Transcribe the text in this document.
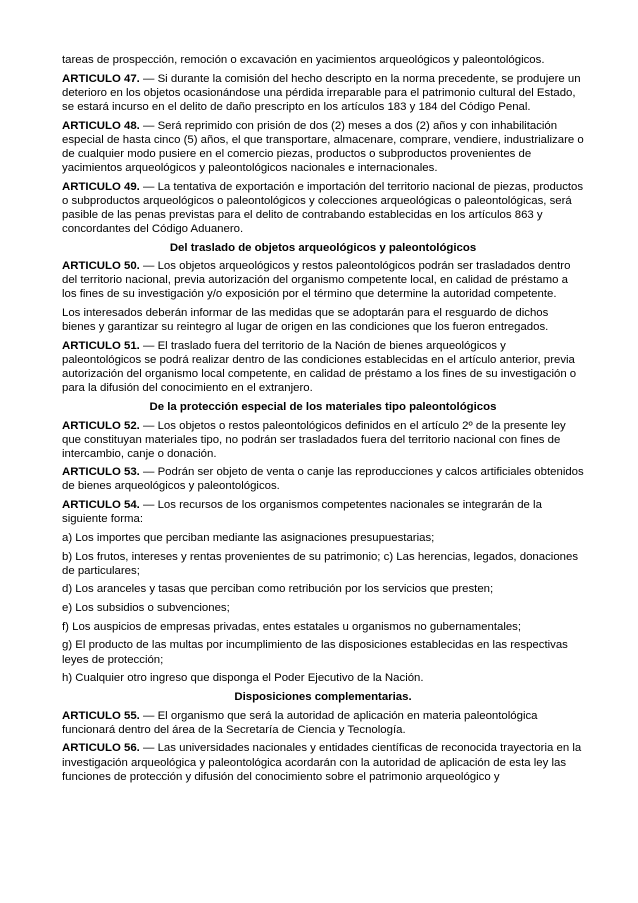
tareas de prospección, remoción o excavación en yacimientos arqueológicos y paleontológicos.

ARTICULO 47. — Si durante la comisión del hecho descripto en la norma precedente, se produjere un deterioro en los objetos ocasionándose una pérdida irreparable para el patrimonio cultural del Estado, se estará incurso en el delito de daño prescripto en los artículos 183 y 184 del Código Penal.

ARTICULO 48. — Será reprimido con prisión de dos (2) meses a dos (2) años y con inhabilitación especial de hasta cinco (5) años, el que transportare, almacenare, comprare, vendiere, industrializare o de cualquier modo pusiere en el comercio piezas, productos o subproductos provenientes de yacimientos arqueológicos y paleontológicos nacionales e internacionales.

ARTICULO 49. — La tentativa de exportación e importación del territorio nacional de piezas, productos o subproductos arqueológicos o paleontológicos y colecciones arqueológicas o paleontológicas, será pasible de las penas previstas para el delito de contrabando establecidas en los artículos 863 y concordantes del Código Aduanero.

Del traslado de objetos arqueológicos y paleontológicos

ARTICULO 50. — Los objetos arqueológicos y restos paleontológicos podrán ser trasladados dentro del territorio nacional, previa autorización del organismo competente local, en calidad de préstamo a los fines de su investigación y/o exposición por el término que determine la autoridad competente.

Los interesados deberán informar de las medidas que se adoptarán para el resguardo de dichos bienes y garantizar su reintegro al lugar de origen en las condiciones que los fueron entregados.

ARTICULO 51. — El traslado fuera del territorio de la Nación de bienes arqueológicos y paleontológicos se podrá realizar dentro de las condiciones establecidas en el artículo anterior, previa autorización del organismo local competente, en calidad de préstamo a los fines de su investigación o para la difusión del conocimiento en el extranjero.

De la protección especial de los materiales tipo paleontológicos

ARTICULO 52. — Los objetos o restos paleontológicos definidos en el artículo 2º de la presente ley que constituyan materiales tipo, no podrán ser trasladados fuera del territorio nacional con fines de intercambio, canje o donación.

ARTICULO 53. — Podrán ser objeto de venta o canje las reproducciones y calcos artificiales obtenidos de bienes arqueológicos y paleontológicos.

ARTICULO 54. — Los recursos de los organismos competentes nacionales se integrarán de la siguiente forma:

a) Los importes que perciban mediante las asignaciones presupuestarias;

b) Los frutos, intereses y rentas provenientes de su patrimonio; c) Las herencias, legados, donaciones de particulares;

d) Los aranceles y tasas que perciban como retribución por los servicios que presten;

e) Los subsidios o subvenciones;

f) Los auspicios de empresas privadas, entes estatales u organismos no gubernamentales;

g) El producto de las multas por incumplimiento de las disposiciones establecidas en las respectivas leyes de protección;

h) Cualquier otro ingreso que disponga el Poder Ejecutivo de la Nación.

Disposiciones complementarias.

ARTICULO 55. — El organismo que será la autoridad de aplicación en materia paleontológica funcionará dentro del área de la Secretaría de Ciencia y Tecnología.

ARTICULO 56. — Las universidades nacionales y entidades científicas de reconocida trayectoria en la investigación arqueológica y paleontológica acordarán con la autoridad de aplicación de esta ley las funciones de protección y difusión del conocimiento sobre el patrimonio arqueológico y
